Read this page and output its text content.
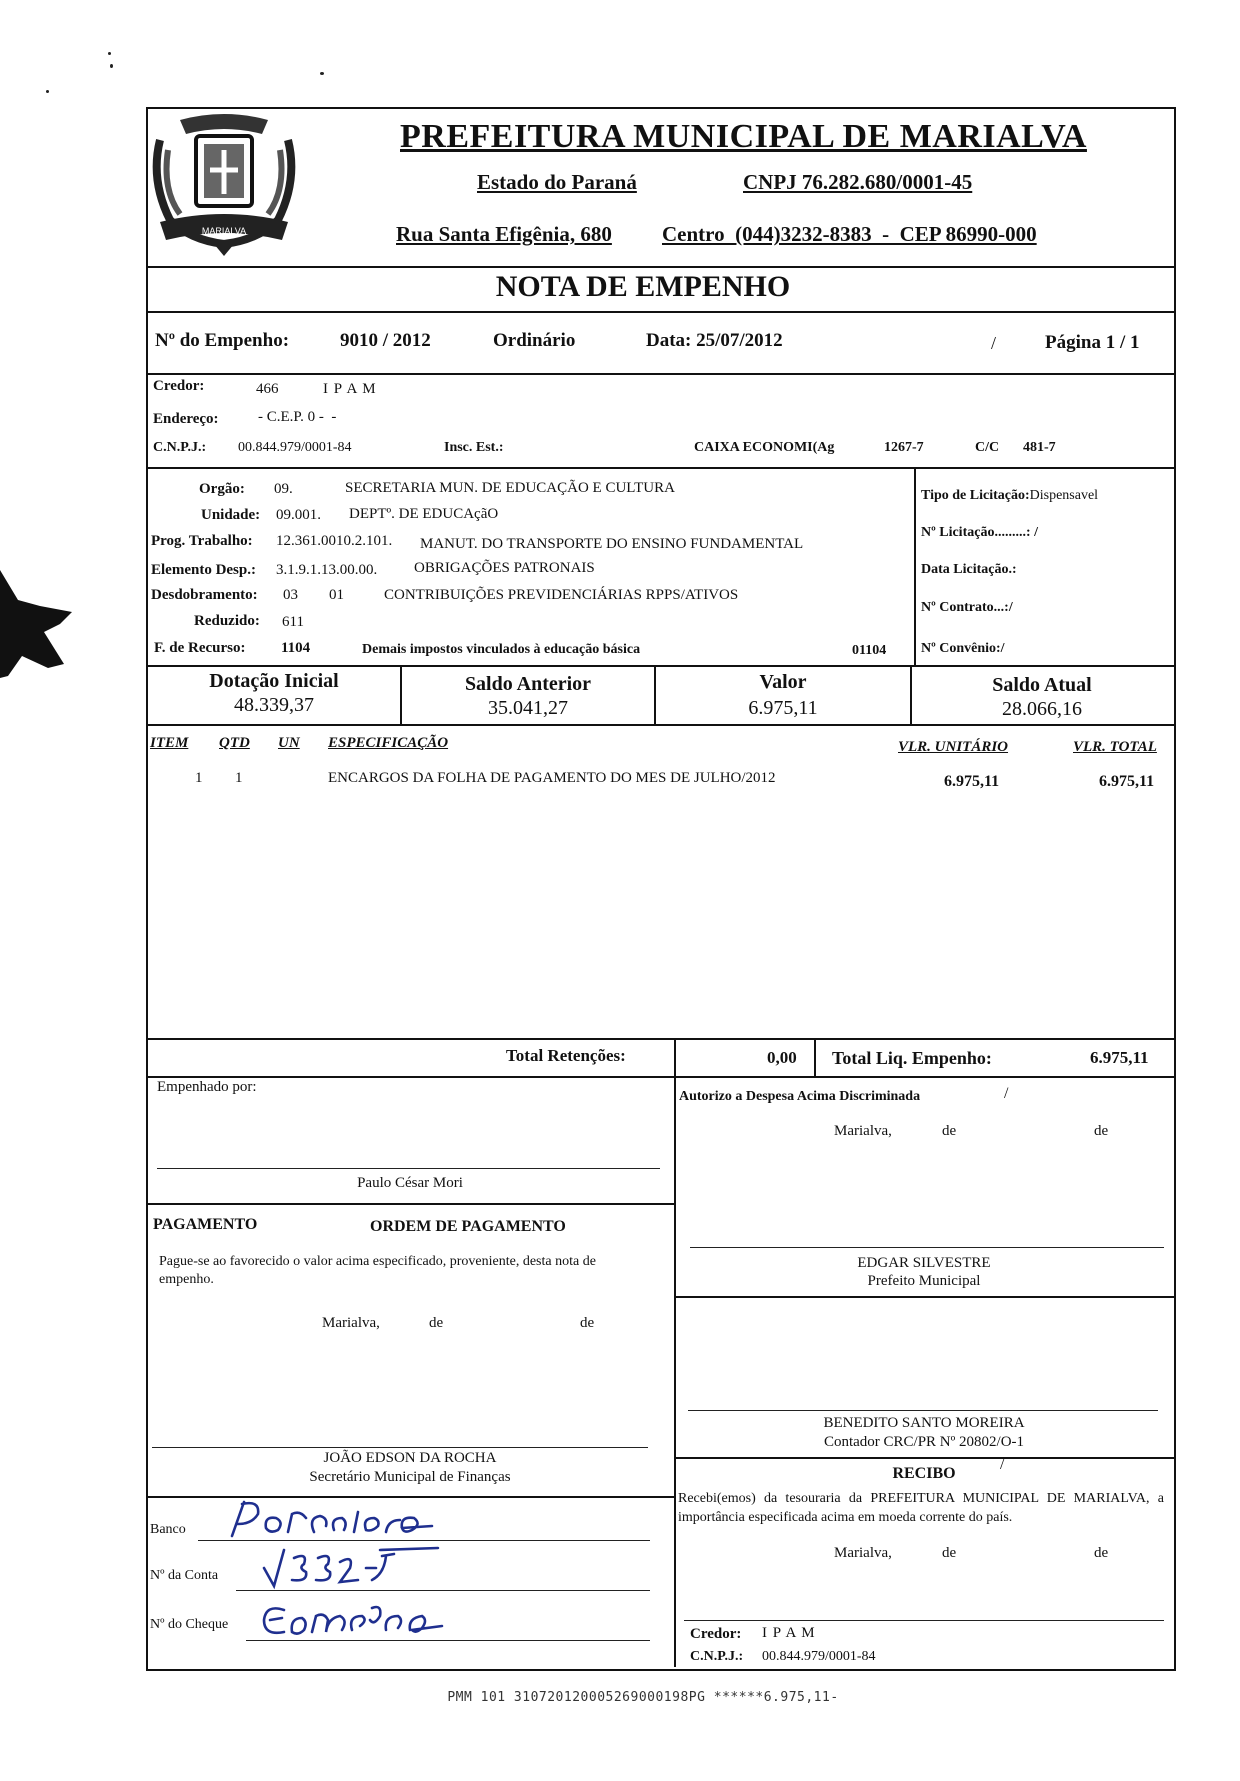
MARIALVA
PREFEITURA MUNICIPAL DE MARIALVA
Estado do Paraná	CNPJ 76.282.680/0001-45
Rua Santa Efigênia, 680 Centro  (044)3232-8383  -  CEP 86990-000
NOTA DE EMPENHO
Nº do Empenho:	9010 / 2012	Ordinário	Data: 25/07/2012	/	Página 1 / 1
Credor:	466	I P A M
Endereço:	- C.E.P. 0 -  -
C.N.P.J.: 00.844.979/0001-84	Insc. Est.:	CAIXA ECONOMI(Ag	1267-7	C/C 481-7
Orgão: 09.	SECRETARIA MUN. DE EDUCAÇÃO E CULTURA
Unidade: 09.001. DEPTº. DE EDUCAçãO
Prog. Trabalho: 12.361.0010.2.101. MANUT. DO TRANSPORTE DO ENSINO FUNDAMENTAL
Elemento Desp.: 3.1.9.1.13.00.00. OBRIGAÇÕES PATRONAIS
Desdobramento: 03 01	CONTRIBUIÇÕES PREVIDENCIÁRIAS RPPS/ATIVOS
Reduzido: 611
F. de Recurso: 1104	Demais impostos vinculados à educação básica	01104
Tipo de Licitação:Dispensavel
Nº Licitação.........: /
Data Licitação.:
Nº Contrato...:/
Nº Convênio:/
Dotação Inicial
48.339,37
Saldo Anterior
35.041,27
Valor
6.975,11
Saldo Atual
28.066,16
ITEM QTD UN ESPECIFICAÇÃO	VLR. UNITÁRIO	VLR. TOTAL
1 1	ENCARGOS DA FOLHA DE PAGAMENTO DO MES DE JULHO/2012	6.975,11	6.975,11
Total Retenções:	0,00 Total Liq. Empenho:	6.975,11
Empenhado por:
Paulo César Mori
Autorizo a Despesa Acima Discriminada	/
Marialva,	de	de
EDGAR SILVESTRE
Prefeito Municipal
PAGAMENTO	ORDEM DE PAGAMENTO
Pague-se ao favorecido o valor acima especificado, proveniente, desta nota de empenho.
Marialva,	de	de
JOÃO EDSON DA ROCHA
Secretário Municipal de Finanças
BENEDITO SANTO MOREIRA
Contador CRC/PR Nº 20802/O-1
RECIBO
Recebi(emos) da tesouraria da PREFEITURA MUNICIPAL DE MARIALVA, a importância especificada acima em moeda corrente do país.
Marialva,	de	de
Credor: I P A M
C.N.P.J.: 00.844.979/0001-84
Banco
Nº da Conta
Nº do Cheque
/
PMM 101 310720120005269000198PG ******6.975,11-
